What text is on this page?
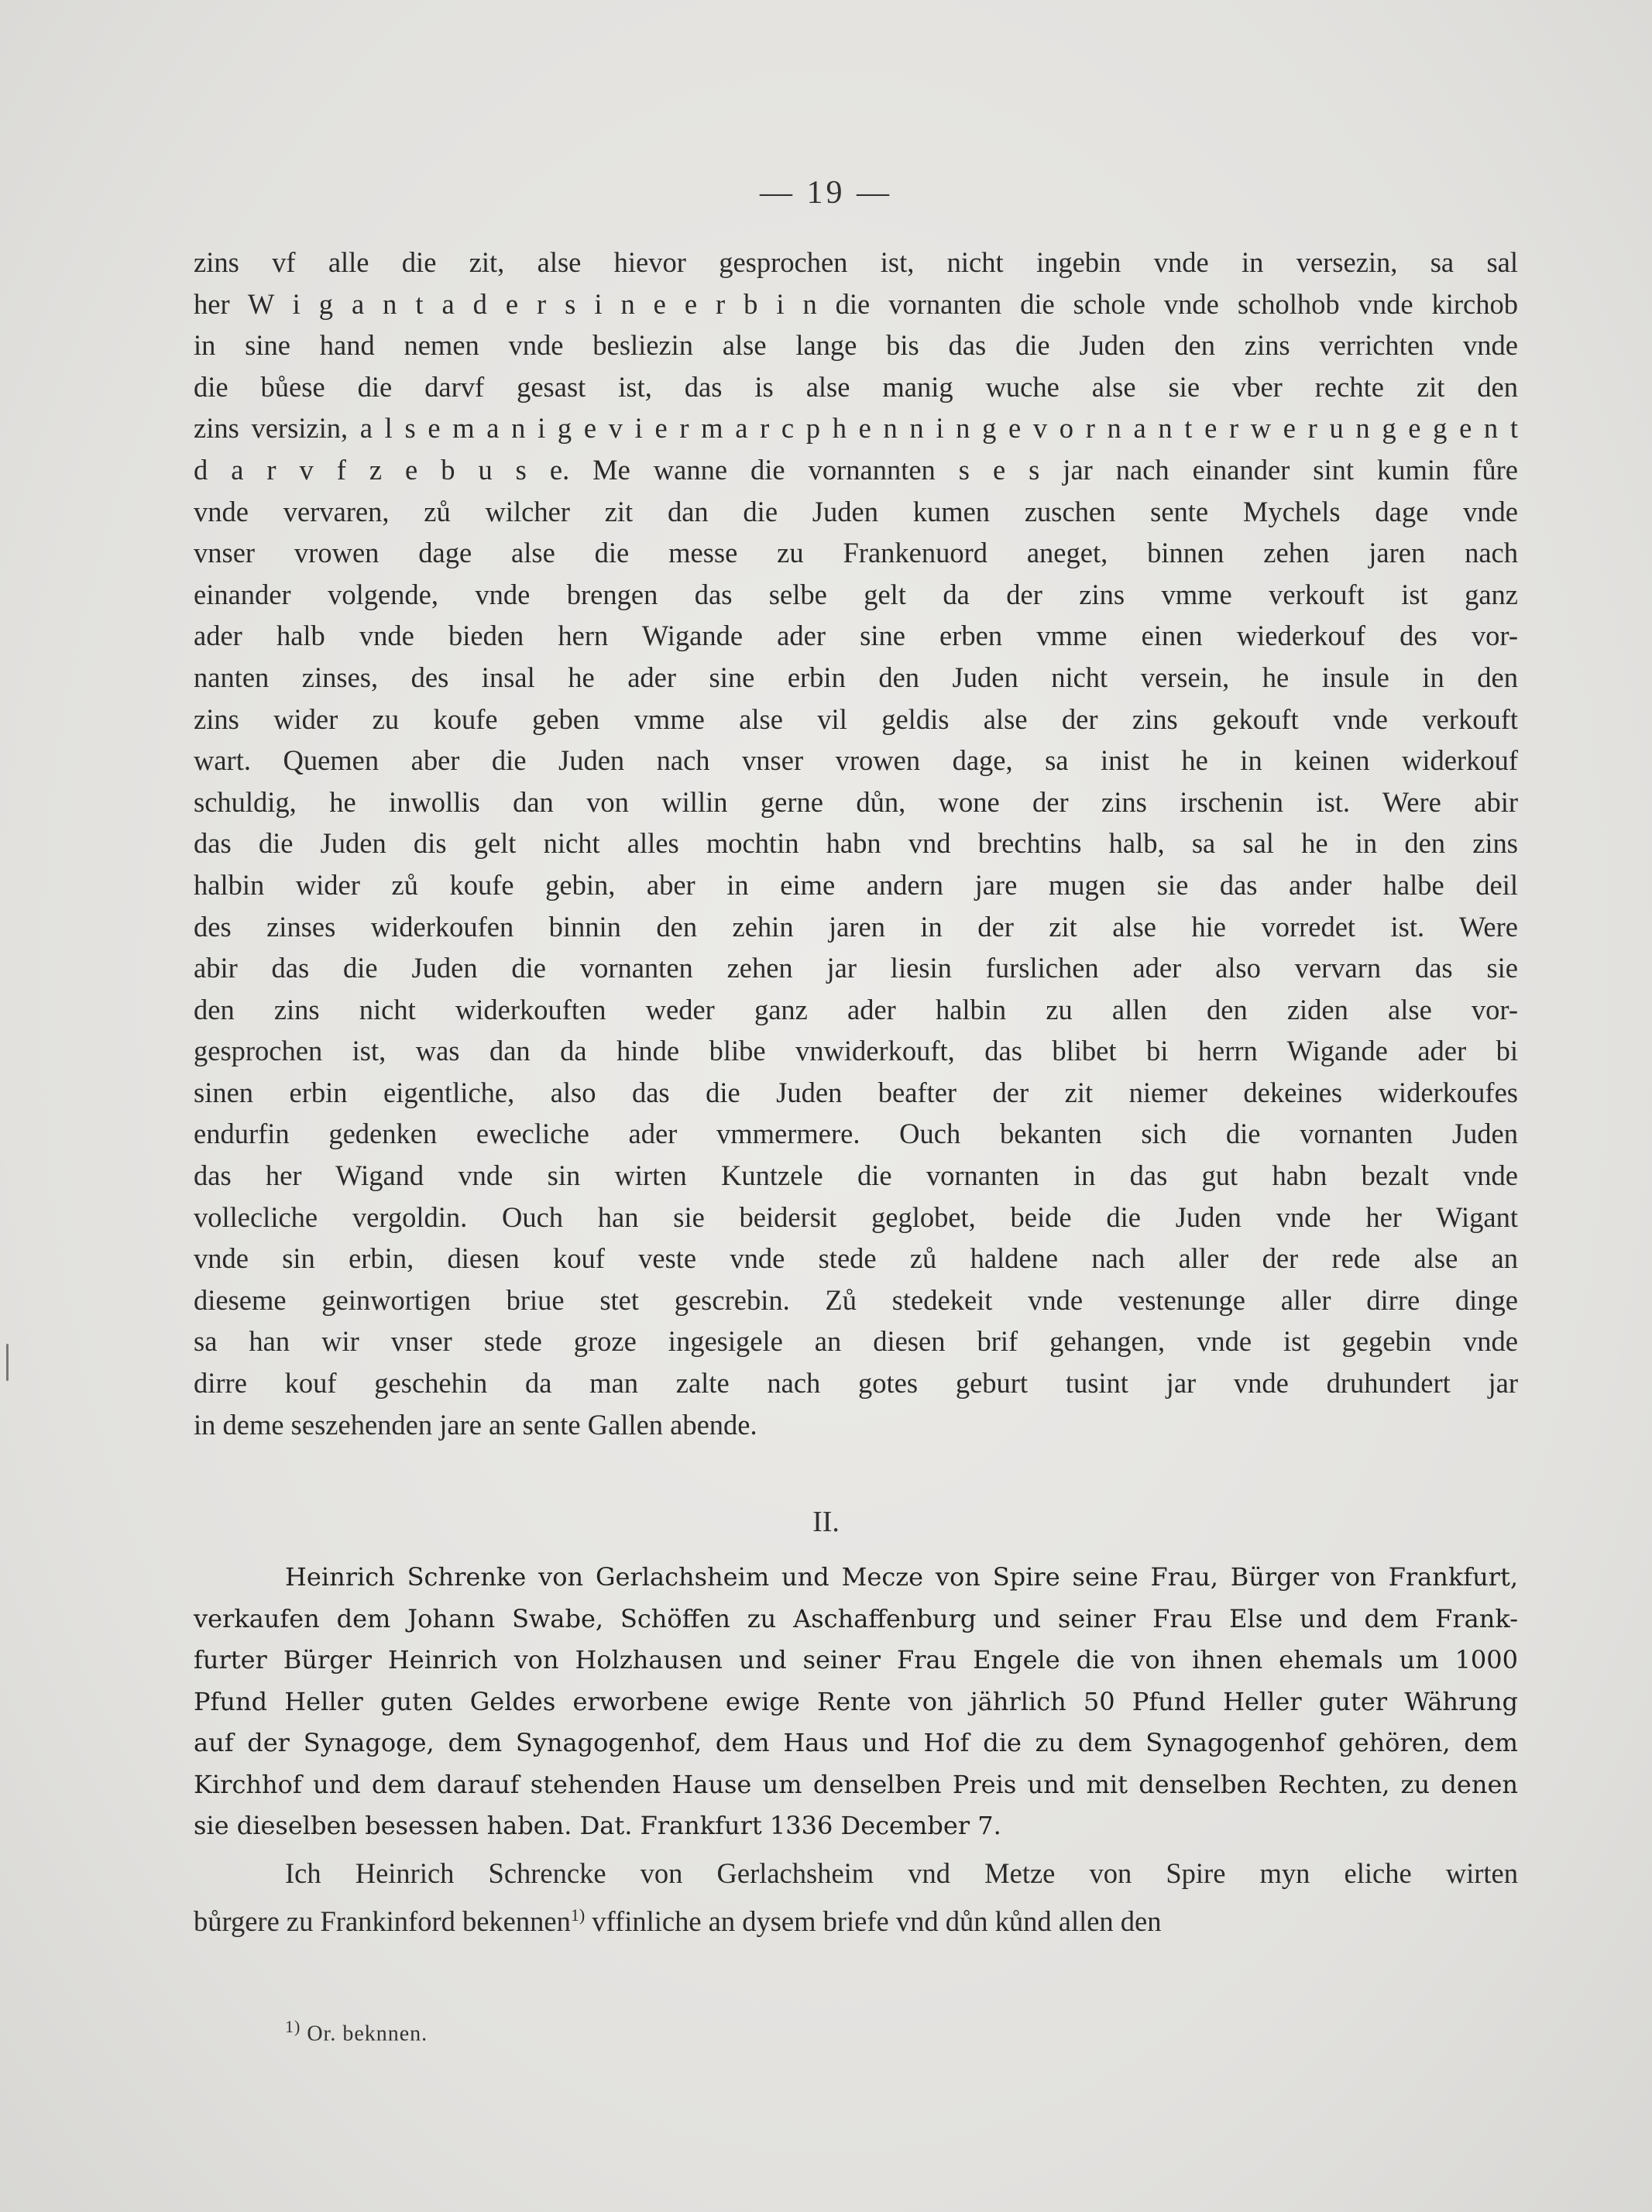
— 19 —
zins vf alle die zit, alse hievor gesprochen ist, nicht ingebin vnde in versezin, sa sal
her W i g a n t a d e r s i n e e r b i n die vornanten die schole vnde scholhob vnde kirchob
in sine hand nemen vnde besliezin alse lange bis das die Juden den zins verrichten vnde
die bůese die darvf gesast ist, das is alse manig wuche alse sie vber rechte zit den
zins versizin, a l s e m a n i g e v i e r m a r c p h e n n i n g e v o r n a n t e r w e r u n g e g e n t
d a r v f z e b u s e. Me wanne die vornannten s e s jar nach einander sint kumin fůre
vnde vervaren, zů wilcher zit dan die Juden kumen zuschen sente Mychels dage vnde
vnser vrowen dage alse die messe zu Frankenuord aneget, binnen zehen jaren nach
einander volgende, vnde brengen das selbe gelt da der zins vmme verkouft ist ganz
ader halb vnde bieden hern Wigande ader sine erben vmme einen wiederkouf des vor-
nanten zinses, des insal he ader sine erbin den Juden nicht versein, he insule in den
zins wider zu koufe geben vmme alse vil geldis alse der zins gekouft vnde verkouft
wart. Quemen aber die Juden nach vnser vrowen dage, sa inist he in keinen widerkouf
schuldig, he inwollis dan von willin gerne důn, wone der zins irschenin ist. Were abir
das die Juden dis gelt nicht alles mochtin habn vnd brechtins halb, sa sal he in den zins
halbin wider zů koufe gebin, aber in eime andern jare mugen sie das ander halbe deil
des zinses widerkoufen binnin den zehin jaren in der zit alse hie vorredet ist. Were
abir das die Juden die vornanten zehen jar liesin furslichen ader also vervarn das sie
den zins nicht widerkouften weder ganz ader halbin zu allen den ziden alse vor-
gesprochen ist, was dan da hinde blibe vnwiderkouft, das blibet bi herrn Wigande ader bi
sinen erbin eigentliche, also das die Juden beafter der zit niemer dekeines widerkoufes
endurfin gedenken ewecliche ader vmmermere. Ouch bekanten sich die vornanten Juden
das her Wigand vnde sin wirten Kuntzele die vornanten in das gut habn bezalt vnde
vollecliche vergoldin. Ouch han sie beidersit geglobet, beide die Juden vnde her Wigant
vnde sin erbin, diesen kouf veste vnde stede zů haldene nach aller der rede alse an
dieseme geinwortigen briue stet gescrebin. Zů stedekeit vnde vestenunge aller dirre dinge
sa han wir vnser stede groze ingesigele an diesen brif gehangen, vnde ist gegebin vnde
dirre kouf geschehin da man zalte nach gotes geburt tusint jar vnde druhundert jar
in deme seszehenden jare an sente Gallen abende.
II.
Heinrich Schrenke von Gerlachsheim und Mecze von Spire seine Frau, Bürger von Frankfurt,
verkaufen dem Johann Swabe, Schöffen zu Aschaffenburg und seiner Frau Else und dem Frank-
furter Bürger Heinrich von Holzhausen und seiner Frau Engele die von ihnen ehemals um 1000
Pfund Heller guten Geldes erworbene ewige Rente von jährlich 50 Pfund Heller guter Währung
auf der Synagoge, dem Synagogenhof, dem Haus und Hof die zu dem Synagogenhof gehören, dem
Kirchhof und dem darauf stehenden Hause um denselben Preis und mit denselben Rechten, zu denen
sie dieselben besessen haben. Dat. Frankfurt 1336 December 7.
Ich Heinrich Schrencke von Gerlachsheim vnd Metze von Spire myn eliche wirten
bůrgere zu Frankinford bekennen$^{1)}$ vffinliche an dysem briefe vnd důn kůnd allen den
$^{1)}$ Or. beknnen.
